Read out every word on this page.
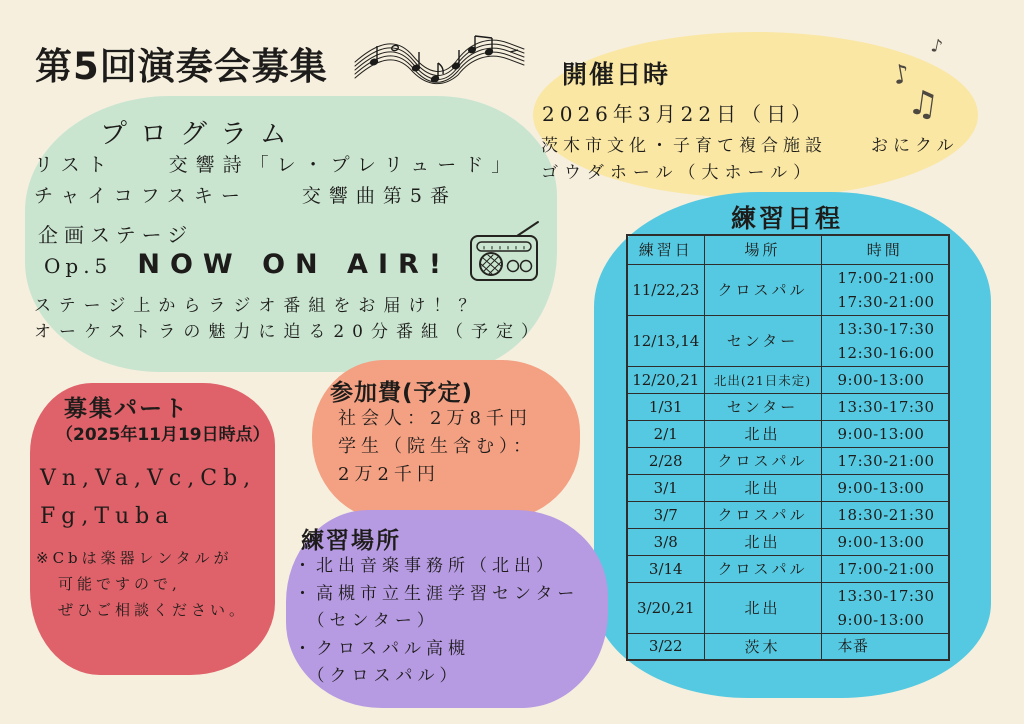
第5回演奏会募集
プログラム
リスト　　交響詩「レ・プレリュード」
チャイコフスキー　　交響曲第5番
企画ステージ
Op.5 NOW ON AIR!
ステージ上からラジオ番組をお届け！？
オーケストラの魅力に迫る20分番組（予定）
開催日時
2026年3月22日（日）
茨木市文化・子育て複合施設　　おにクル
ゴウダホール（大ホール）
♪
♪
♫
練習日程
練習日	場所	時間
11/22,23	クロスパル	17:00-21:00
17:30-21:00

12/13,14	センター	13:30-17:30
12:30-16:00

12/20,21	北出(21日未定)	9:00-13:00

1/31	センター	13:30-17:30

2/1	北出	9:00-13:00

2/28	クロスパル	17:30-21:00

3/1	北出	9:00-13:00

3/7	クロスパル	18:30-21:30

3/8	北出	9:00-13:00

3/14	クロスパル	17:00-21:00

3/20,21	北出	13:30-17:30
9:00-13:00

3/22	茨木	本番
募集パート
（2025年11月19日時点）
Vn,Va,Vc,Cb,
Fg,Tuba
※Cbは楽器レンタルが
可能ですので,
ぜひご相談ください。
参加費(予定)
社会人：2万8千円
学生（院生含む）：
2万2千円
練習場所
・北出音楽事務所（北出）
・高槻市立生涯学習センター
　（センター）
・クロスパル高槻
　（クロスパル）
